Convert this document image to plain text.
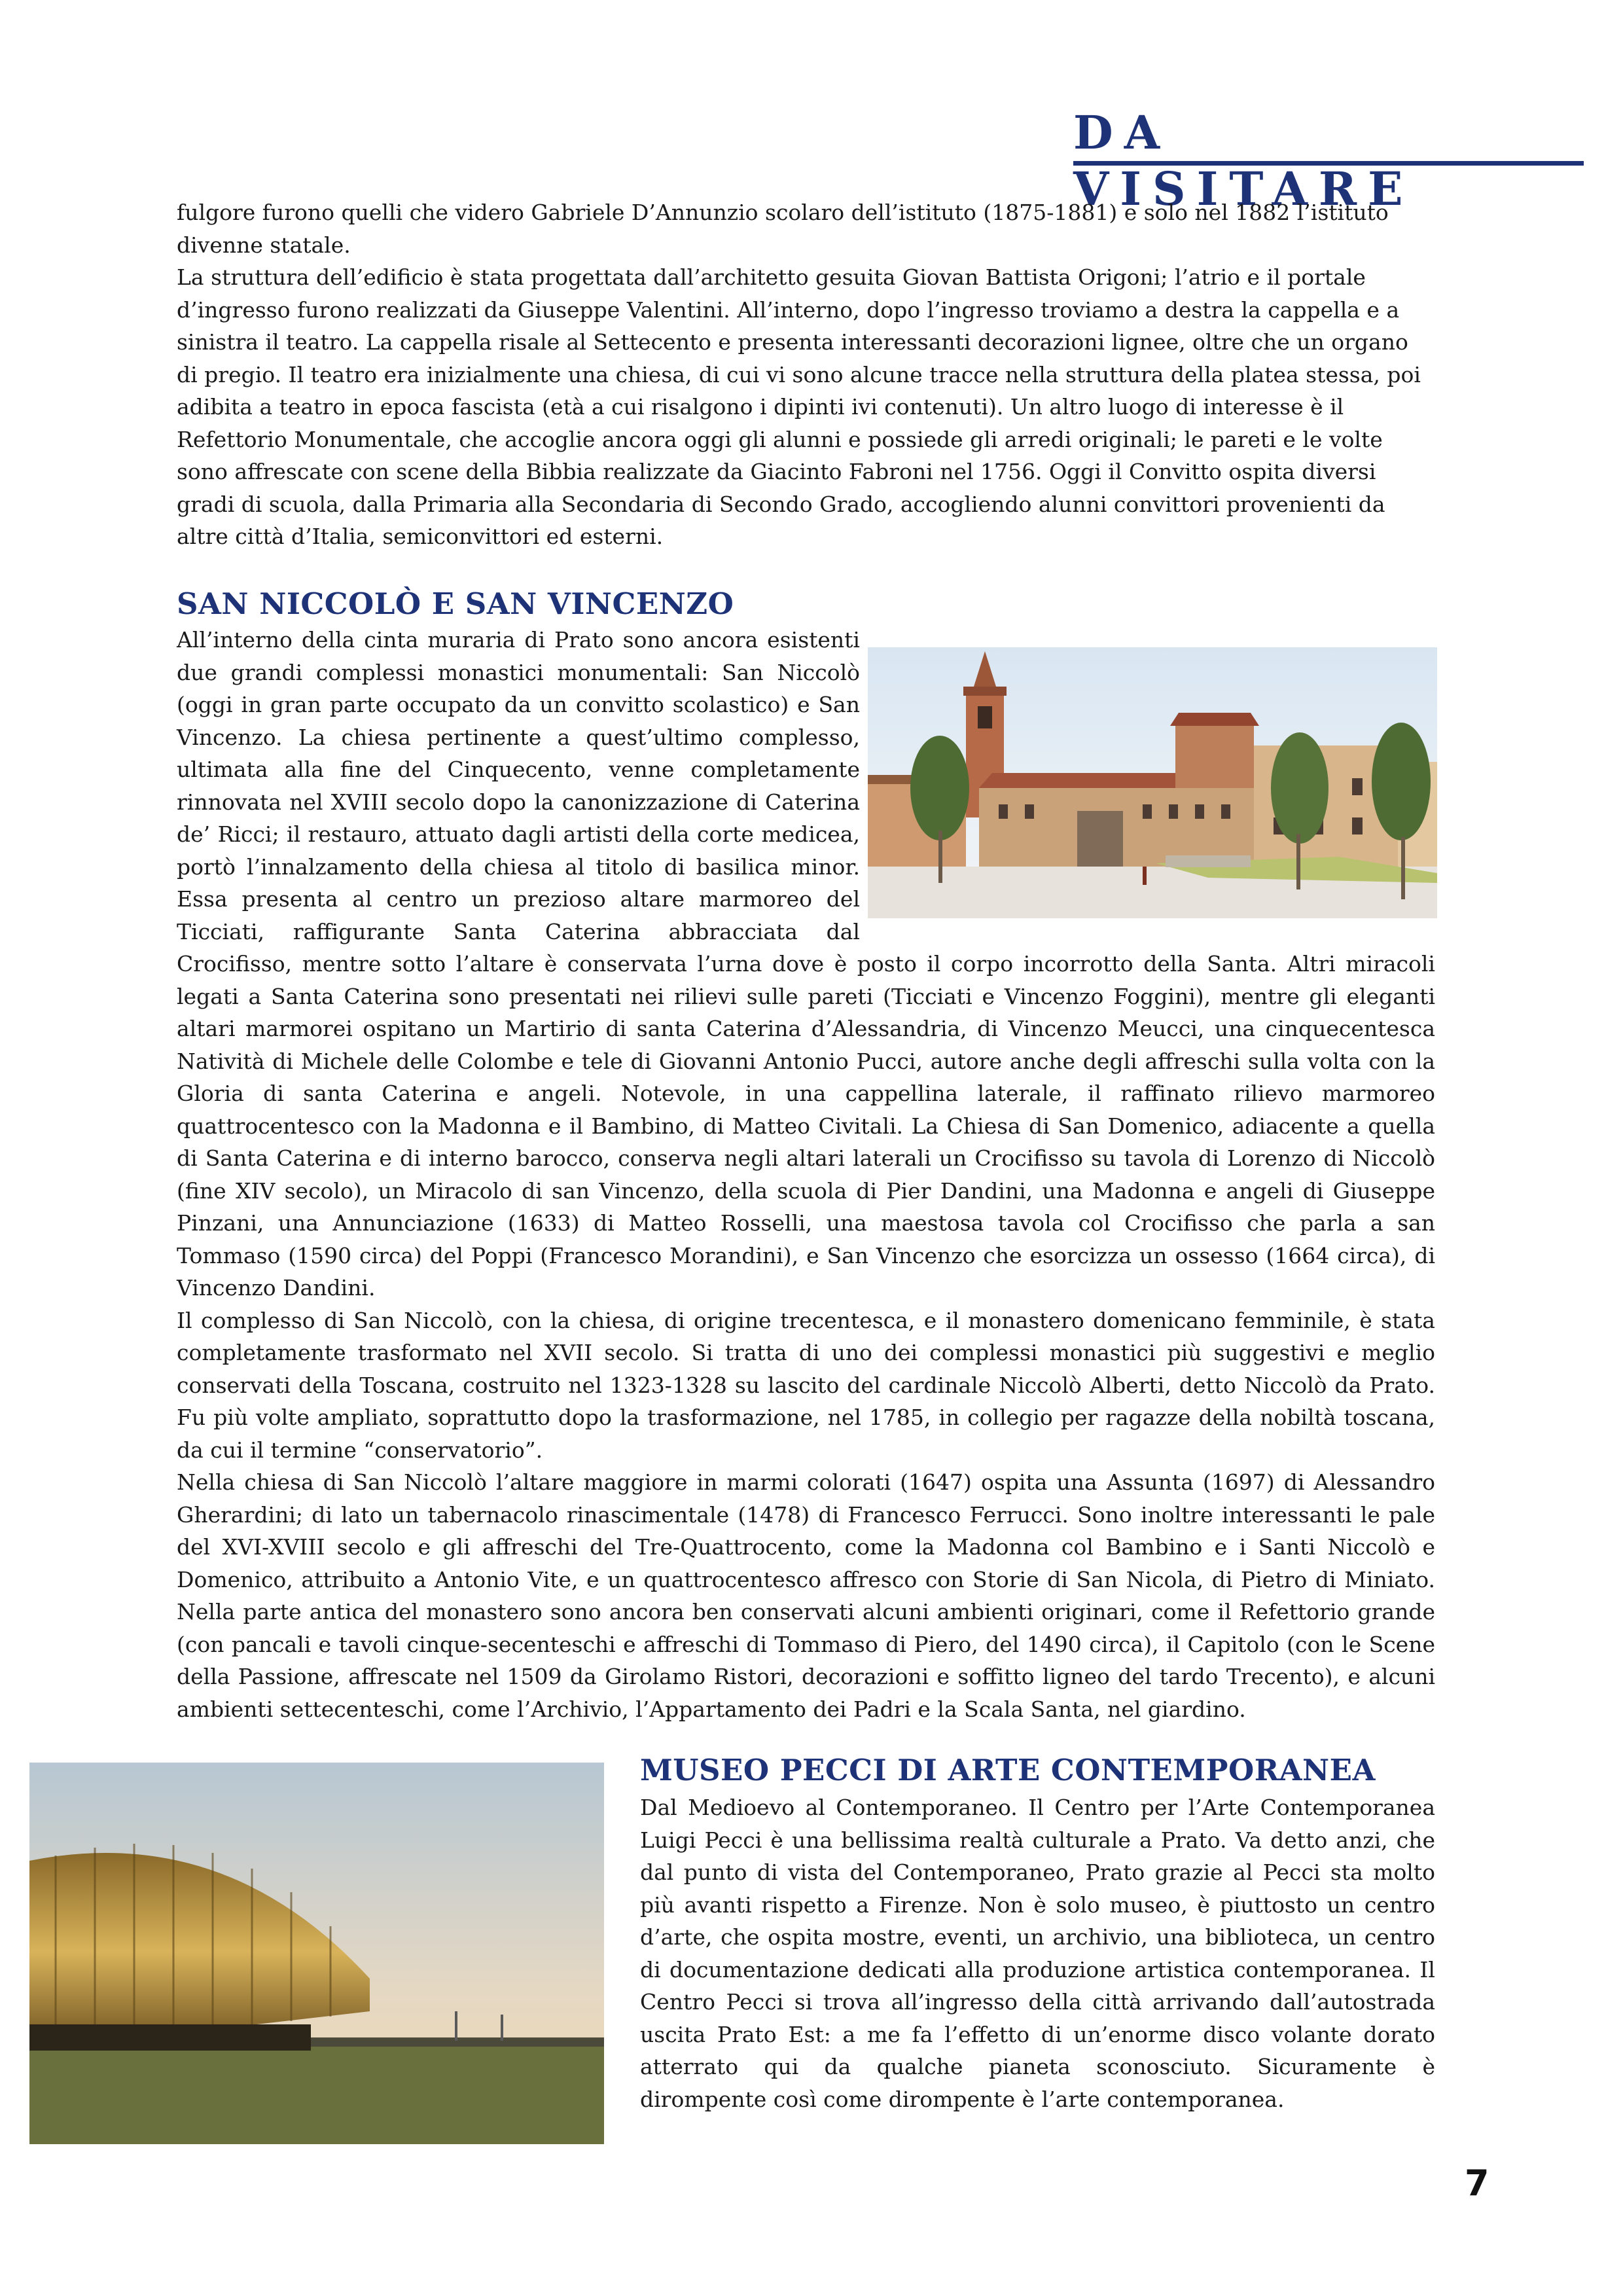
DA VISITARE

fulgore furono quelli che videro Gabriele D’Annunzio scolaro dell’istituto (1875-1881) e solo nel 1882 l’istituto divenne statale.

La struttura dell’edificio è stata progettata dall’architetto gesuita Giovan Battista Origoni; l’atrio e il portale d’ingresso furono realizzati da Giuseppe Valentini. All’interno, dopo l’ingresso troviamo a destra la cappella e a sinistra il teatro. La cappella risale al Settecento e presenta interessanti decorazioni lignee, oltre che un organo di pregio. Il teatro era inizialmente una chiesa, di cui vi sono alcune tracce nella struttura della platea stessa, poi adibita a teatro in epoca fascista (età a cui risalgono i dipinti ivi contenuti). Un altro luogo di interesse è il Refettorio Monumentale, che accoglie ancora oggi gli alunni e possiede gli arredi originali; le pareti e le volte sono affrescate con scene della Bibbia realizzate da Giacinto Fabroni nel 1756. Oggi il Convitto ospita diversi gradi di scuola, dalla Primaria alla Secondaria di Secondo Grado, accogliendo alunni convittori provenienti da altre città d’Italia, semiconvittori ed esterni.

SAN NICCOLÒ E SAN VINCENZO

All’interno della cinta muraria di Prato sono ancora esistenti due grandi complessi monastici monumentali: San Niccolò (oggi in gran parte occupato da un convitto scolastico) e San Vincenzo. La chiesa pertinente a quest’ultimo complesso, ultimata alla fine del Cinquecento, venne completamente rinnovata nel XVIII secolo dopo la canonizzazione di Caterina de’ Ricci; il restauro, attuato dagli artisti della corte medicea, portò l’innalzamento della chiesa al titolo di basilica minor. Essa presenta al centro un prezioso altare marmoreo del Ticciati, raffigurante Santa Caterina abbracciata dal Crocifisso, mentre sotto l’altare è conservata l’urna dove è posto il corpo incorrotto della Santa. Altri miracoli legati a Santa Caterina sono presentati nei rilievi sulle pareti (Ticciati e Vincenzo Foggini), mentre gli eleganti altari marmorei ospitano un Martirio di santa Caterina d’Alessandria, di Vincenzo Meucci, una cinquecentesca Natività di Michele delle Colombe e tele di Giovanni Antonio Pucci, autore anche degli affreschi sulla volta con la Gloria di santa Caterina e angeli. Notevole, in una cappellina laterale, il raffinato rilievo marmoreo quattrocentesco con la Madonna e il Bambino, di Matteo Civitali. La Chiesa di San Domenico, adiacente a quella di Santa Caterina e di interno barocco, conserva negli altari laterali un Crocifisso su tavola di Lorenzo di Niccolò (fine XIV secolo), un Miracolo di san Vincenzo, della scuola di Pier Dandini, una Madonna e angeli di Giuseppe Pinzani, una Annunciazione (1633) di Matteo Rosselli, una maestosa tavola col Crocifisso che parla a san Tommaso (1590 circa) del Poppi (Francesco Morandini), e San Vincenzo che esorcizza un ossesso (1664 circa), di Vincenzo Dandini.

Il complesso di San Niccolò, con la chiesa, di origine trecentesca, e il monastero domenicano femminile, è stata completamente trasformato nel XVII secolo. Si tratta di uno dei complessi monastici più suggestivi e meglio conservati della Toscana, costruito nel 1323-1328 su lascito del cardinale Niccolò Alberti, detto Niccolò da Prato. Fu più volte ampliato, soprattutto dopo la trasformazione, nel 1785, in collegio per ragazze della nobiltà toscana, da cui il termine “conservatorio”.

Nella chiesa di San Niccolò l’altare maggiore in marmi colorati (1647) ospita una Assunta (1697) di Alessandro Gherardini; di lato un tabernacolo rinascimentale (1478) di Francesco Ferrucci. Sono inoltre interessanti le pale del XVI-XVIII secolo e gli affreschi del Tre-Quattrocento, come la Madonna col Bambino e i Santi Niccolò e Domenico, attribuito a Antonio Vite, e un quattrocentesco affresco con Storie di San Nicola, di Pietro di Miniato. Nella parte antica del monastero sono ancora ben conservati alcuni ambienti originari, come il Refettorio grande (con pancali e tavoli cinque-secenteschi e affreschi di Tommaso di Piero, del 1490 circa), il Capitolo (con le Scene della Passione, affrescate nel 1509 da Girolamo Ristori, decorazioni e soffitto ligneo del tardo Trecento), e alcuni ambienti settecenteschi, come l’Archivio, l’Appartamento dei Padri e la Scala Santa, nel giardino.

MUSEO PECCI DI ARTE CONTEMPORANEA

Dal Medioevo al Contemporaneo. Il Centro per l’Arte Contemporanea Luigi Pecci è una bellissima realtà culturale a Prato. Va detto anzi, che dal punto di vista del Contemporaneo, Prato grazie al Pecci sta molto più avanti rispetto a Firenze. Non è solo museo, è piuttosto un centro d’arte, che ospita mostre, eventi, un archivio, una biblioteca, un centro di documentazione dedicati alla produzione artistica contemporanea. Il Centro Pecci si trova all’ingresso della città arrivando dall’autostrada uscita Prato Est: a me fa l’effetto di un’enorme disco volante dorato atterrato qui da qualche pianeta sconosciuto. Sicuramente è dirompente così come dirompente è l’arte contemporanea.

7
